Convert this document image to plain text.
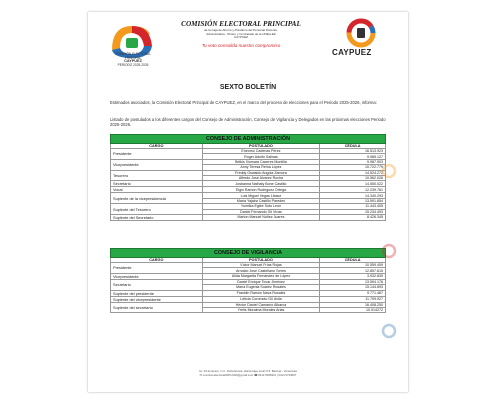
COMISIÓN ELECTORAL
PRINCIPAL
CAYPUEZ
PERIODO 2025-2026
COMISIÓN ELECTORAL PRINCIPAL
de la Caja de Ahorro y Préstamo del Personal Docente,
Administrativo, Obrero y Contratado de la UNELLEZ
CAYPUEZ
Tu voto consolida nuestro compromiso
CAYPUEZ
SEXTO BOLETÍN
Estimados asociados, la Comisión Electoral Principal de CAYPUEZ, en el marco del proceso de elecciones para el Periodo 2025-2026, informa:
Listado de postulados a los diferentes cargos del Consejo de Administración, Consejo de Vigilancia y Delegados en las próximas elecciones Periodo 2025-2026.
CONSEJO DE ADMINISTRACIÓN		
CARGO	POSTULADO	CÉDULA
Presidente	Eneomo Cadenas Pérez	16.513.923
	Roger Adolfo Salinas	9.985.127
Vicepresidente	Belkis Xiomara Caceres Montilla	9.987.903
	Anny Teresa Reina López	10.722.779
Tesorero	Freddy Oswaldo Angola Zamora	14.524.272
	Alfredo José Alvarez Rocha	10.562.026
Secretario	Josbanna Nathaly Bone Castillo	14.550.022
Vocal	Elgin Ramón Rodríguez Ortega	12.239.761
Suplente de la vicepresidencia	Luis Miguel Vegas Libacz	14.340.293
	María Yajaira Castillo Paredes	13.591.854
Suplente del Tesorero	Yumilka Eglee Soto León	11.443.405
	Daniel Fernando Gil Vivas	15.234.493
Suplente del Secretario	Marlon Manuel Nuñez Juares	8.426.345
CONSEJO DE VIGILANCIA		
CARGO	POSTULADO	CÉDULA
Presidente	Víctor Manuel Frías Rojas	10.559.409
	Arnoldo José Castellano Torres	12.857.615
Vicepresidente	Alida Margarita Fernández de López	3.932.839
Secretario	Daniel Enrique Tovar Jiménez	13.594.176
	María Eugenia Suárez Rosales	15.144.693
Suplente del presidente	Franklin Ramón Nava Rosales	9.771.467
Suplente del vicepresidente	Leticia Coromoto Gil Ávila	11.709.927
Suplente del secretario	Héctor Daniel Camarno Albarca	16.408.250
	Yrelis Moraima Morales Arias	10.014272
Av. 23 de Enero, C.C. Doña Erosia, planta baja, local N°3. Barinas - Venezuela
✉ comisionelectoral2025.2026@gmail.com ☎ 0414 5006931 | 0414 5733097
